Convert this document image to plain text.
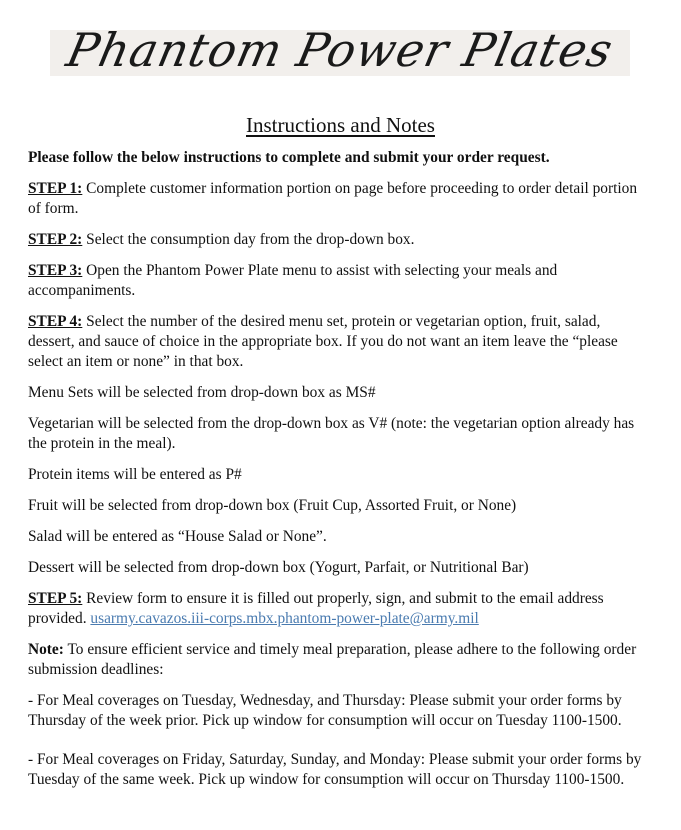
Phantom Power Plates
Instructions and Notes

Please follow the below instructions to complete and submit your order request.

STEP 1: Complete customer information portion on page before proceeding to order detail portion of form.

STEP 2: Select the consumption day from the drop-down box.

STEP 3: Open the Phantom Power Plate menu to assist with selecting your meals and accompaniments.

STEP 4: Select the number of the desired menu set, protein or vegetarian option, fruit, salad, dessert, and sauce of choice in the appropriate box. If you do not want an item leave the “please select an item or none” in that box.

Menu Sets will be selected from drop-down box as MS#

Vegetarian will be selected from the drop-down box as V# (note: the vegetarian option already has the protein in the meal).

Protein items will be entered as P#

Fruit will be selected from drop-down box (Fruit Cup, Assorted Fruit, or None)

Salad will be entered as “House Salad or None”.

Dessert will be selected from drop-down box (Yogurt, Parfait, or Nutritional Bar)

STEP 5: Review form to ensure it is filled out properly, sign, and submit to the email address provided. usarmy.cavazos.iii-corps.mbx.phantom-power-plate@army.mil

Note: To ensure efficient service and timely meal preparation, please adhere to the following order submission deadlines:

- For Meal coverages on Tuesday, Wednesday, and Thursday: Please submit your order forms by Thursday of the week prior. Pick up window for consumption will occur on Tuesday 1100-1500.

- For Meal coverages on Friday, Saturday, Sunday, and Monday: Please submit your order forms by Tuesday of the same week. Pick up window for consumption will occur on Thursday 1100-1500.
